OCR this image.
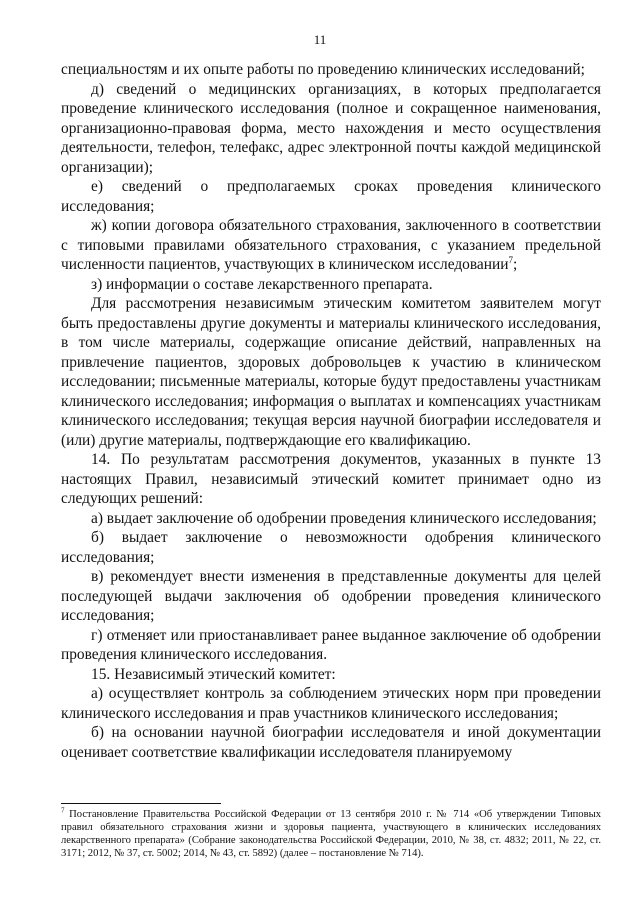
11

специальностям и их опыте работы по проведению клинических исследований;

д) сведений о медицинских организациях, в которых предполагается проведение клинического исследования (полное и сокращенное наименования, организационно-правовая форма, место нахождения и место осуществления деятельности, телефон, телефакс, адрес электронной почты каждой медицинской организации);

е) сведений о предполагаемых сроках проведения клинического исследования;

ж) копии договора обязательного страхования, заключенного в соответствии с типовыми правилами обязательного страхования, с указанием предельной численности пациентов, участвующих в клиническом исследовании$^7$;

з) информации о составе лекарственного препарата.

Для рассмотрения независимым этическим комитетом заявителем могут быть предоставлены другие документы и материалы клинического исследования, в том числе материалы, содержащие описание действий, направленных на привлечение пациентов, здоровых добровольцев к участию в клиническом исследовании; письменные материалы, которые будут предоставлены участникам клинического исследования; информация о выплатах и компенсациях участникам клинического исследования; текущая версия научной биографии исследователя и (или) другие материалы, подтверждающие его квалификацию.

14. По результатам рассмотрения документов, указанных в пункте 13 настоящих Правил, независимый этический комитет принимает одно из следующих решений:

а) выдает заключение об одобрении проведения клинического исследования;

б) выдает заключение о невозможности одобрения клинического исследования;

в) рекомендует внести изменения в представленные документы для целей последующей выдачи заключения об одобрении проведения клинического исследования;

г) отменяет или приостанавливает ранее выданное заключение об одобрении проведения клинического исследования.

15. Независимый этический комитет:

а) осуществляет контроль за соблюдением этических норм при проведении клинического исследования и прав участников клинического исследования;

б) на основании научной биографии исследователя и иной документации оценивает соответствие квалификации исследователя планируемому

$^7$ Постановление Правительства Российской Федерации от 13 сентября 2010 г. № 714 «Об утверждении Типовых правил обязательного страхования жизни и здоровья пациента, участвующего в клинических исследованиях лекарственного препарата» (Собрание законодательства Российской Федерации, 2010, № 38, ст. 4832; 2011, № 22, ст. 3171; 2012, № 37, ст. 5002; 2014, № 43, ст. 5892) (далее – постановление № 714).
